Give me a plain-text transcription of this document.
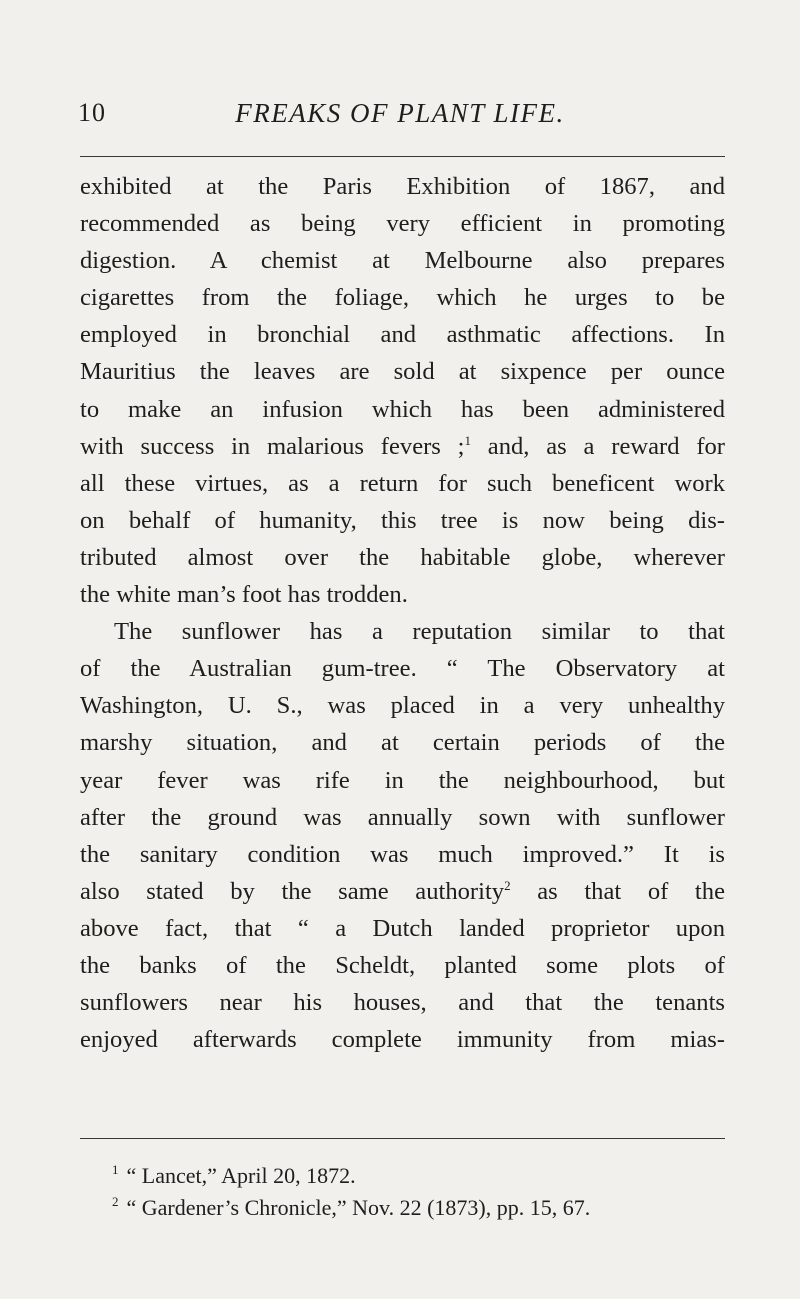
10	FREAKS OF PLANT LIFE.
exhibited at the Paris Exhibition of 1867, and
recommended as being very efficient in promoting
digestion. A chemist at Melbourne also prepares
cigarettes from the foliage, which he urges to be
employed in bronchial and asthmatic affections. In
Mauritius the leaves are sold at sixpence per ounce
to make an infusion which has been administered
with success in malarious fevers ;$^1$ and, as a reward for
all these virtues, as a return for such beneficent work
on behalf of humanity, this tree is now being dis-
tributed almost over the habitable globe, wherever
the white man’s foot has trodden.
The sunflower has a reputation similar to that
of the Australian gum-tree. “ The Observatory at
Washington, U. S., was placed in a very unhealthy
marshy situation, and at certain periods of the
year fever was rife in the neighbourhood, but
after the ground was annually sown with sunflower
the sanitary condition was much improved.” It is
also stated by the same authority$^2$ as that of the
above fact, that “ a Dutch landed proprietor upon
the banks of the Scheldt, planted some plots of
sunflowers near his houses, and that the tenants
enjoyed afterwards complete immunity from mias-
$^1$ “ Lancet,” April 20, 1872.
$^2$ “ Gardener’s Chronicle,” Nov. 22 (1873), pp. 15, 67.
